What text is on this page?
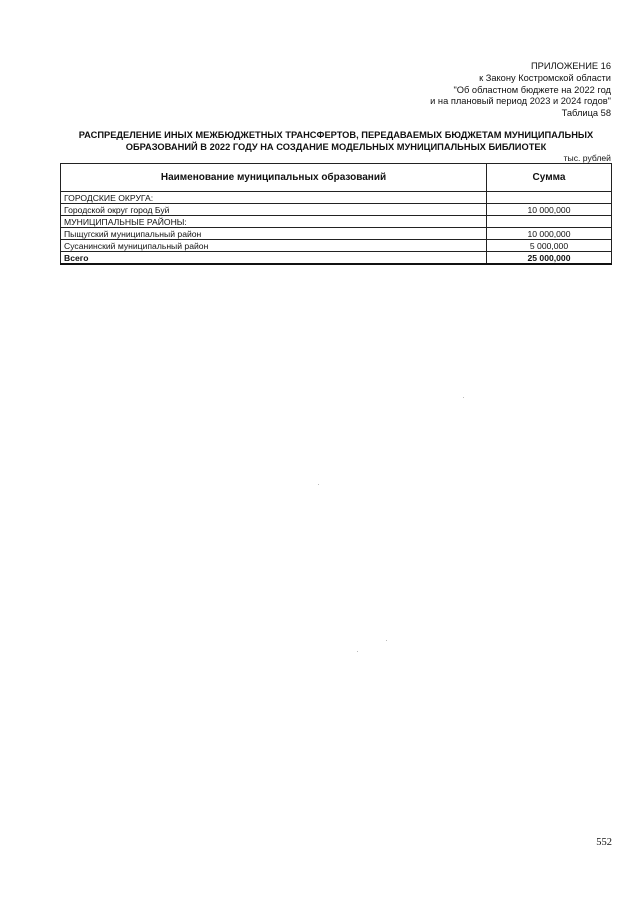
ПРИЛОЖЕНИЕ 16
к Закону Костромской области
"Об областном бюджете на 2022 год
и на плановый период 2023 и 2024 годов"
Таблица 58
РАСПРЕДЕЛЕНИЕ ИНЫХ МЕЖБЮДЖЕТНЫХ ТРАНСФЕРТОВ, ПЕРЕДАВАЕМЫХ БЮДЖЕТАМ МУНИЦИПАЛЬНЫХ
ОБРАЗОВАНИЙ В 2022 ГОДУ НА СОЗДАНИЕ МОДЕЛЬНЫХ МУНИЦИПАЛЬНЫХ БИБЛИОТЕК
тыс. рублей
Наименование муниципальных образований	Сумма
ГОРОДСКИЕ ОКРУГА:	
Городской округ город Буй	10 000,000
МУНИЦИПАЛЬНЫЕ РАЙОНЫ:	
Пыщугский муниципальный район	10 000,000
Сусанинский муниципальный район	5 000,000
Всего	25 000,000
552
